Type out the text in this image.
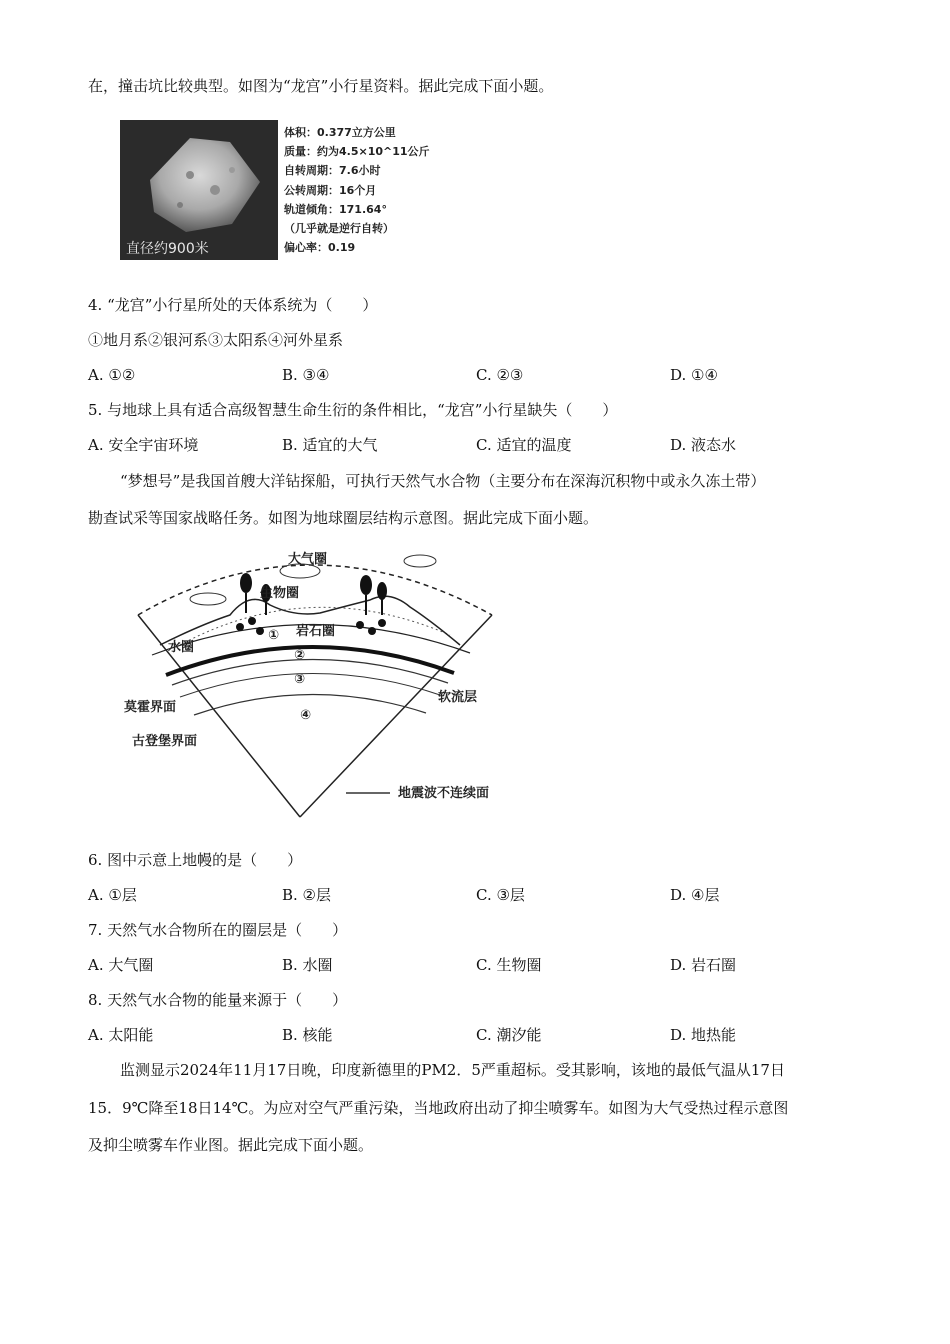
在，撞击坑比较典型。如图为“龙宫”小行星资料。据此完成下面小题。
直径约900米
体积：0.377立方公里
质量：约为4.5×10^11公斤
自转周期：7.6小时
公转周期：16个月
轨道倾角：171.64°
（几乎就是逆行自转）
偏心率：0.19
4. “龙宫”小行星所处的天体系统为（　　）
①地月系②银河系③太阳系④河外星系
A. ①②	B. ③④	C. ②③	D. ①④
5. 与地球上具有适合高级智慧生命生衍的条件相比，“龙宫”小行星缺失（　　）
A. 安全宇宙环境	B. 适宜的大气	C. 适宜的温度	D. 液态水
“梦想号”是我国首艘大洋钻探船，可执行天然气水合物（主要分布在深海沉积物中或永久冻土带）
勘查试采等国家战略任务。如图为地球圈层结构示意图。据此完成下面小题。
大气圈
生物圈
岩石圈
水圈
莫霍界面
古登堡界面
软流层
地震波不连续面
①
②
③
④
6. 图中示意上地幔的是（　　）
A. ①层	B. ②层	C. ③层	D. ④层
7. 天然气水合物所在的圈层是（　　）
A. 大气圈	B. 水圈	C. 生物圈	D. 岩石圈
8. 天然气水合物的能量来源于（　　）
A. 太阳能	B. 核能	C. 潮汐能	D. 地热能
监测显示2024年11月17日晚，印度新德里的PM2．5严重超标。受其影响，该地的最低气温从17日
15．9℃降至18日14℃。为应对空气严重污染，当地政府出动了抑尘喷雾车。如图为大气受热过程示意图
及抑尘喷雾车作业图。据此完成下面小题。
